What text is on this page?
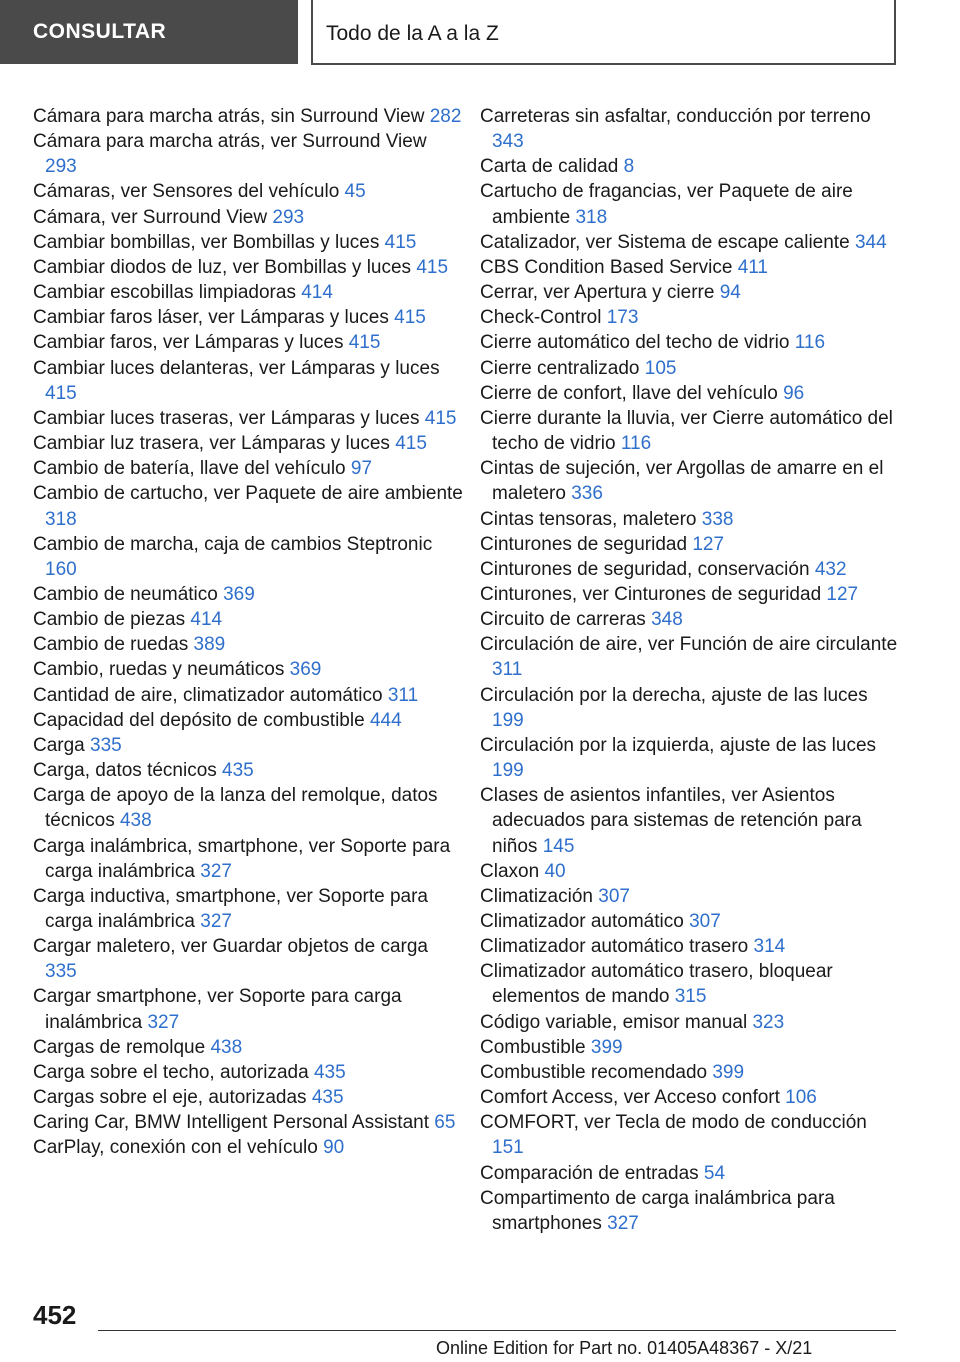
CONSULTAR	Todo de la A a la Z
Cámara para marcha atrás, sin Surround View 282
Cámara para marcha atrás, ver Surround View 293
Cámaras, ver Sensores del vehículo 45
Cámara, ver Surround View 293
Cambiar bombillas, ver Bombillas y luces 415
Cambiar diodos de luz, ver Bombillas y luces 415
Cambiar escobillas limpiadoras 414
Cambiar faros láser, ver Lámparas y luces 415
Cambiar faros, ver Lámparas y luces 415
Cambiar luces delanteras, ver Lámparas y luces 415
Cambiar luces traseras, ver Lámparas y luces 415
Cambiar luz trasera, ver Lámparas y luces 415
Cambio de batería, llave del vehículo 97
Cambio de cartucho, ver Paquete de aire ambiente 318
Cambio de marcha, caja de cambios Steptronic 160
Cambio de neumático 369
Cambio de piezas 414
Cambio de ruedas 389
Cambio, ruedas y neumáticos 369
Cantidad de aire, climatizador automático 311
Capacidad del depósito de combustible 444
Carga 335
Carga, datos técnicos 435
Carga de apoyo de la lanza del remolque, datos técnicos 438
Carga inalámbrica, smartphone, ver Soporte para carga inalámbrica 327
Carga inductiva, smartphone, ver Soporte para carga inalámbrica 327
Cargar maletero, ver Guardar objetos de carga 335
Cargar smartphone, ver Soporte para carga inalámbrica 327
Cargas de remolque 438
Carga sobre el techo, autorizada 435
Cargas sobre el eje, autorizadas 435
Caring Car, BMW Intelligent Personal Assistant 65
CarPlay, conexión con el vehículo 90
Carreteras sin asfaltar, conducción por terreno 343
Carta de calidad 8
Cartucho de fragancias, ver Paquete de aire ambiente 318
Catalizador, ver Sistema de escape caliente 344
CBS Condition Based Service 411
Cerrar, ver Apertura y cierre 94
Check-Control 173
Cierre automático del techo de vidrio 116
Cierre centralizado 105
Cierre de confort, llave del vehículo 96
Cierre durante la lluvia, ver Cierre automático del techo de vidrio 116
Cintas de sujeción, ver Argollas de amarre en el maletero 336
Cintas tensoras, maletero 338
Cinturones de seguridad 127
Cinturones de seguridad, conservación 432
Cinturones, ver Cinturones de seguridad 127
Circuito de carreras 348
Circulación de aire, ver Función de aire circulante 311
Circulación por la derecha, ajuste de las luces 199
Circulación por la izquierda, ajuste de las luces 199
Clases de asientos infantiles, ver Asientos adecuados para sistemas de retención para niños 145
Claxon 40
Climatización 307
Climatizador automático 307
Climatizador automático trasero 314
Climatizador automático trasero, bloquear elementos de mando 315
Código variable, emisor manual 323
Combustible 399
Combustible recomendado 399
Comfort Access, ver Acceso confort 106
COMFORT, ver Tecla de modo de conducción 151
Comparación de entradas 54
Compartimento de carga inalámbrica para smartphones 327
452
Online Edition for Part no. 01405A48367 - X/21
